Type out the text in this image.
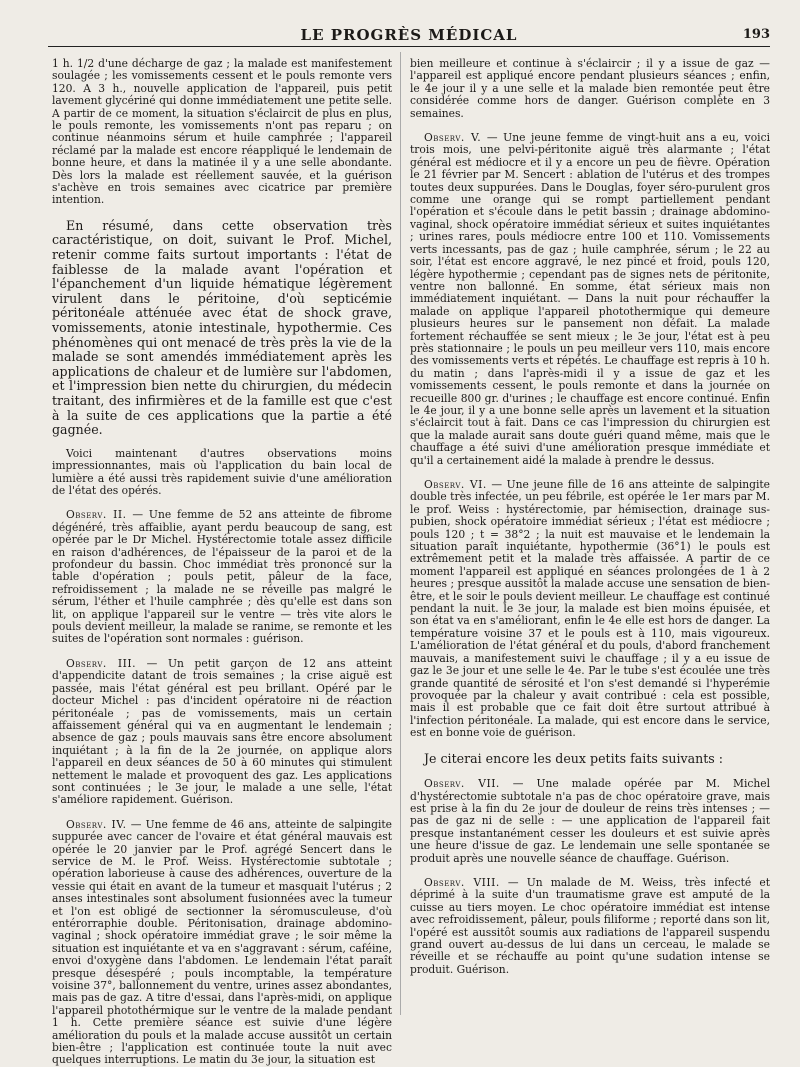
LE PROGRÈS MÉDICAL	193

1 h. 1/2 d'une décharge de gaz ; la malade est manifestement soulagée ; les vomissements cessent et le pouls remonte vers 120. A 3 h., nouvelle application de l'appareil, puis petit lavement glycériné qui donne immédiatement une petite selle. A partir de ce moment, la situation s'éclaircit de plus en plus, le pouls remonte, les vomissements n'ont pas reparu ; on continue néanmoins sérum et huile camphrée ; l'appareil réclamé par la malade est encore réappliqué le lendemain de bonne heure, et dans la matinée il y a une selle abondante. Dès lors la malade est réellement sauvée, et la guérison s'achève en trois semaines avec cicatrice par première intention.

En résumé, dans cette observation très caractéristique, on doit, suivant le Prof. Michel, retenir comme faits surtout importants : l'état de faiblesse de la malade avant l'opération et l'épanchement d'un liquide hématique légèrement virulent dans le péritoine, d'où septicémie péritonéale atténuée avec état de shock grave, vomissements, atonie intestinale, hypothermie. Ces phénomènes qui ont menacé de très près la vie de la malade se sont amendés immédiatement après les applications de chaleur et de lumière sur l'abdomen, et l'impression bien nette du chirurgien, du médecin traitant, des infirmières et de la famille est que c'est à la suite de ces applications que la partie a été gagnée.

Voici maintenant d'autres observations moins impressionnantes, mais où l'application du bain local de lumière a été aussi très rapidement suivie d'une amélioration de l'état des opérés.

Observ. II. — Une femme de 52 ans atteinte de fibrome dégénéré, très affaiblie, ayant perdu beaucoup de sang, est opérée par le Dr Michel. Hystérectomie totale assez difficile en raison d'adhérences, de l'épaisseur de la paroi et de la profondeur du bassin. Choc immédiat très prononcé sur la table d'opération ; pouls petit, pâleur de la face, refroidissement ; la malade ne se réveille pas malgré le sérum, l'éther et l'huile camphrée ; dès qu'elle est dans son lit, on applique l'appareil sur le ventre — très vite alors le pouls devient meilleur, la malade se ranime, se remonte et les suites de l'opération sont normales : guérison.

Observ. III. — Un petit garçon de 12 ans atteint d'appendicite datant de trois semaines ; la crise aiguë est passée, mais l'état général est peu brillant. Opéré par le docteur Michel : pas d'incident opératoire ni de réaction péritonéale ; pas de vomissements, mais un certain affaissement général qui va en augmentant le lendemain ; absence de gaz ; pouls mauvais sans être encore absolument inquiétant ; à la fin de la 2e journée, on applique alors l'appareil en deux séances de 50 à 60 minutes qui stimulent nettement le malade et provoquent des gaz. Les applications sont continuées ; le 3e jour, le malade a une selle, l'état s'améliore rapidement. Guérison.

Observ. IV. — Une femme de 46 ans, atteinte de salpingite suppurée avec cancer de l'ovaire et état général mauvais est opérée le 20 janvier par le Prof. agrégé Sencert dans le service de M. le Prof. Weiss. Hystérectomie subtotale ; opération laborieuse à cause des adhérences, ouverture de la vessie qui était en avant de la tumeur et masquait l'utérus ; 2 anses intestinales sont absolument fusionnées avec la tumeur et l'on est obligé de sectionner la séromusculeuse, d'où entérorraphie double. Péritonisation, drainage abdomino-vaginal ; shock opératoire immédiat grave ; le soir même la situation est inquiétante et va en s'aggravant : sérum, caféine, envoi d'oxygène dans l'abdomen. Le lendemain l'état paraît presque désespéré ; pouls incomptable, la température voisine 37°, ballonnement du ventre, urines assez abondantes, mais pas de gaz. A titre d'essai, dans l'après-midi, on applique l'appareil photothérmique sur le ventre de la malade pendant 1 h. Cette première séance est suivie d'une légère amélioration du pouls et la malade accuse aussitôt un certain bien-être ; l'application est continuée toute la nuit avec quelques interruptions. Le matin du 3e jour, la situation est

bien meilleure et continue à s'éclaircir ; il y a issue de gaz — l'appareil est appliqué encore pendant plusieurs séances ; enfin, le 4e jour il y a une selle et la malade bien remontée peut être considérée comme hors de danger. Guérison complète en 3 semaines.

Observ. V. — Une jeune femme de vingt-huit ans a eu, voici trois mois, une pelvi-péritonite aiguë très alarmante ; l'état général est médiocre et il y a encore un peu de fièvre. Opération le 21 février par M. Sencert : ablation de l'utérus et des trompes toutes deux suppurées. Dans le Douglas, foyer séro-purulent gros comme une orange qui se rompt partiellement pendant l'opération et s'écoule dans le petit bassin ; drainage abdomino-vaginal, shock opératoire immédiat sérieux et suites inquiétantes ; urines rares, pouls médiocre entre 100 et 110. Vomissements verts incessants, pas de gaz ; huile camphrée, sérum ; le 22 au soir, l'état est encore aggravé, le nez pincé et froid, pouls 120, légère hypothermie ; cependant pas de signes nets de péritonite, ventre non ballonné. En somme, état sérieux mais non immédiatement inquiétant. — Dans la nuit pour réchauffer la malade on applique l'appareil photothermique qui demeure plusieurs heures sur le pansement non défait. La malade fortement réchauffée se sent mieux ; le 3e jour, l'état est à peu près stationnaire ; le pouls un peu meilleur vers 110, mais encore des vomissements verts et répétés. Le chauffage est repris à 10 h. du matin ; dans l'après-midi il y a issue de gaz et les vomissements cessent, le pouls remonte et dans la journée on recueille 800 gr. d'urines ; le chauffage est encore continué. Enfin le 4e jour, il y a une bonne selle après un lavement et la situation s'éclaircit tout à fait. Dans ce cas l'impression du chirurgien est que la malade aurait sans doute guéri quand même, mais que le chauffage a été suivi d'une amélioration presque immédiate et qu'il a certainement aidé la malade à prendre le dessus.

Observ. VI. — Une jeune fille de 16 ans atteinte de salpingite double très infectée, un peu fébrile, est opérée le 1er mars par M. le prof. Weiss : hystérectomie, par hémisection, drainage sus-pubien, shock opératoire immédiat sérieux ; l'état est médiocre ; pouls 120 ; t = 38°2 ; la nuit est mauvaise et le lendemain la situation paraît inquiétante, hypothermie (36°1) le pouls est extrêmement petit et la malade très affaissée. A partir de ce moment l'appareil est appliqué en séances prolongées de 1 à 2 heures ; presque aussitôt la malade accuse une sensation de bien-être, et le soir le pouls devient meilleur. Le chauffage est continué pendant la nuit. le 3e jour, la malade est bien moins épuisée, et son état va en s'améliorant, enfin le 4e elle est hors de danger. La température voisine 37 et le pouls est à 110, mais vigoureux. L'amélioration de l'état général et du pouls, d'abord franchement mauvais, a manifestement suivi le chauffage ; il y a eu issue de gaz le 3e jour et une selle le 4e. Par le tube s'est écoulée une très grande quantité de sérosité et l'on s'est demandé si l'hyperémie provoquée par la chaleur y avait contribué : cela est possible, mais il est probable que ce fait doit être surtout attribué à l'infection péritonéale. La malade, qui est encore dans le service, est en bonne voie de guérison.

Je citerai encore les deux petits faits suivants :

Observ. VII. — Une malade opérée par M. Michel d'hystérectomie subtotale n'a pas de choc opératoire grave, mais est prise à la fin du 2e jour de douleur de reins très intenses ; — pas de gaz ni de selle : — une application de l'appareil fait presque instantanément cesser les douleurs et est suivie après une heure d'issue de gaz. Le lendemain une selle spontanée se produit après une nouvelle séance de chauffage. Guérison.

Observ. VIII. — Un malade de M. Weiss, très infecté et déprimé à la suite d'un traumatisme grave est amputé de la cuisse au tiers moyen. Le choc opératoire immédiat est intense avec refroidissement, pâleur, pouls filiforme ; reporté dans son lit, l'opéré est aussitôt soumis aux radiations de l'appareil suspendu grand ouvert au-dessus de lui dans un cerceau, le malade se réveille et se réchauffe au point qu'une sudation intense se produit. Guérison.
